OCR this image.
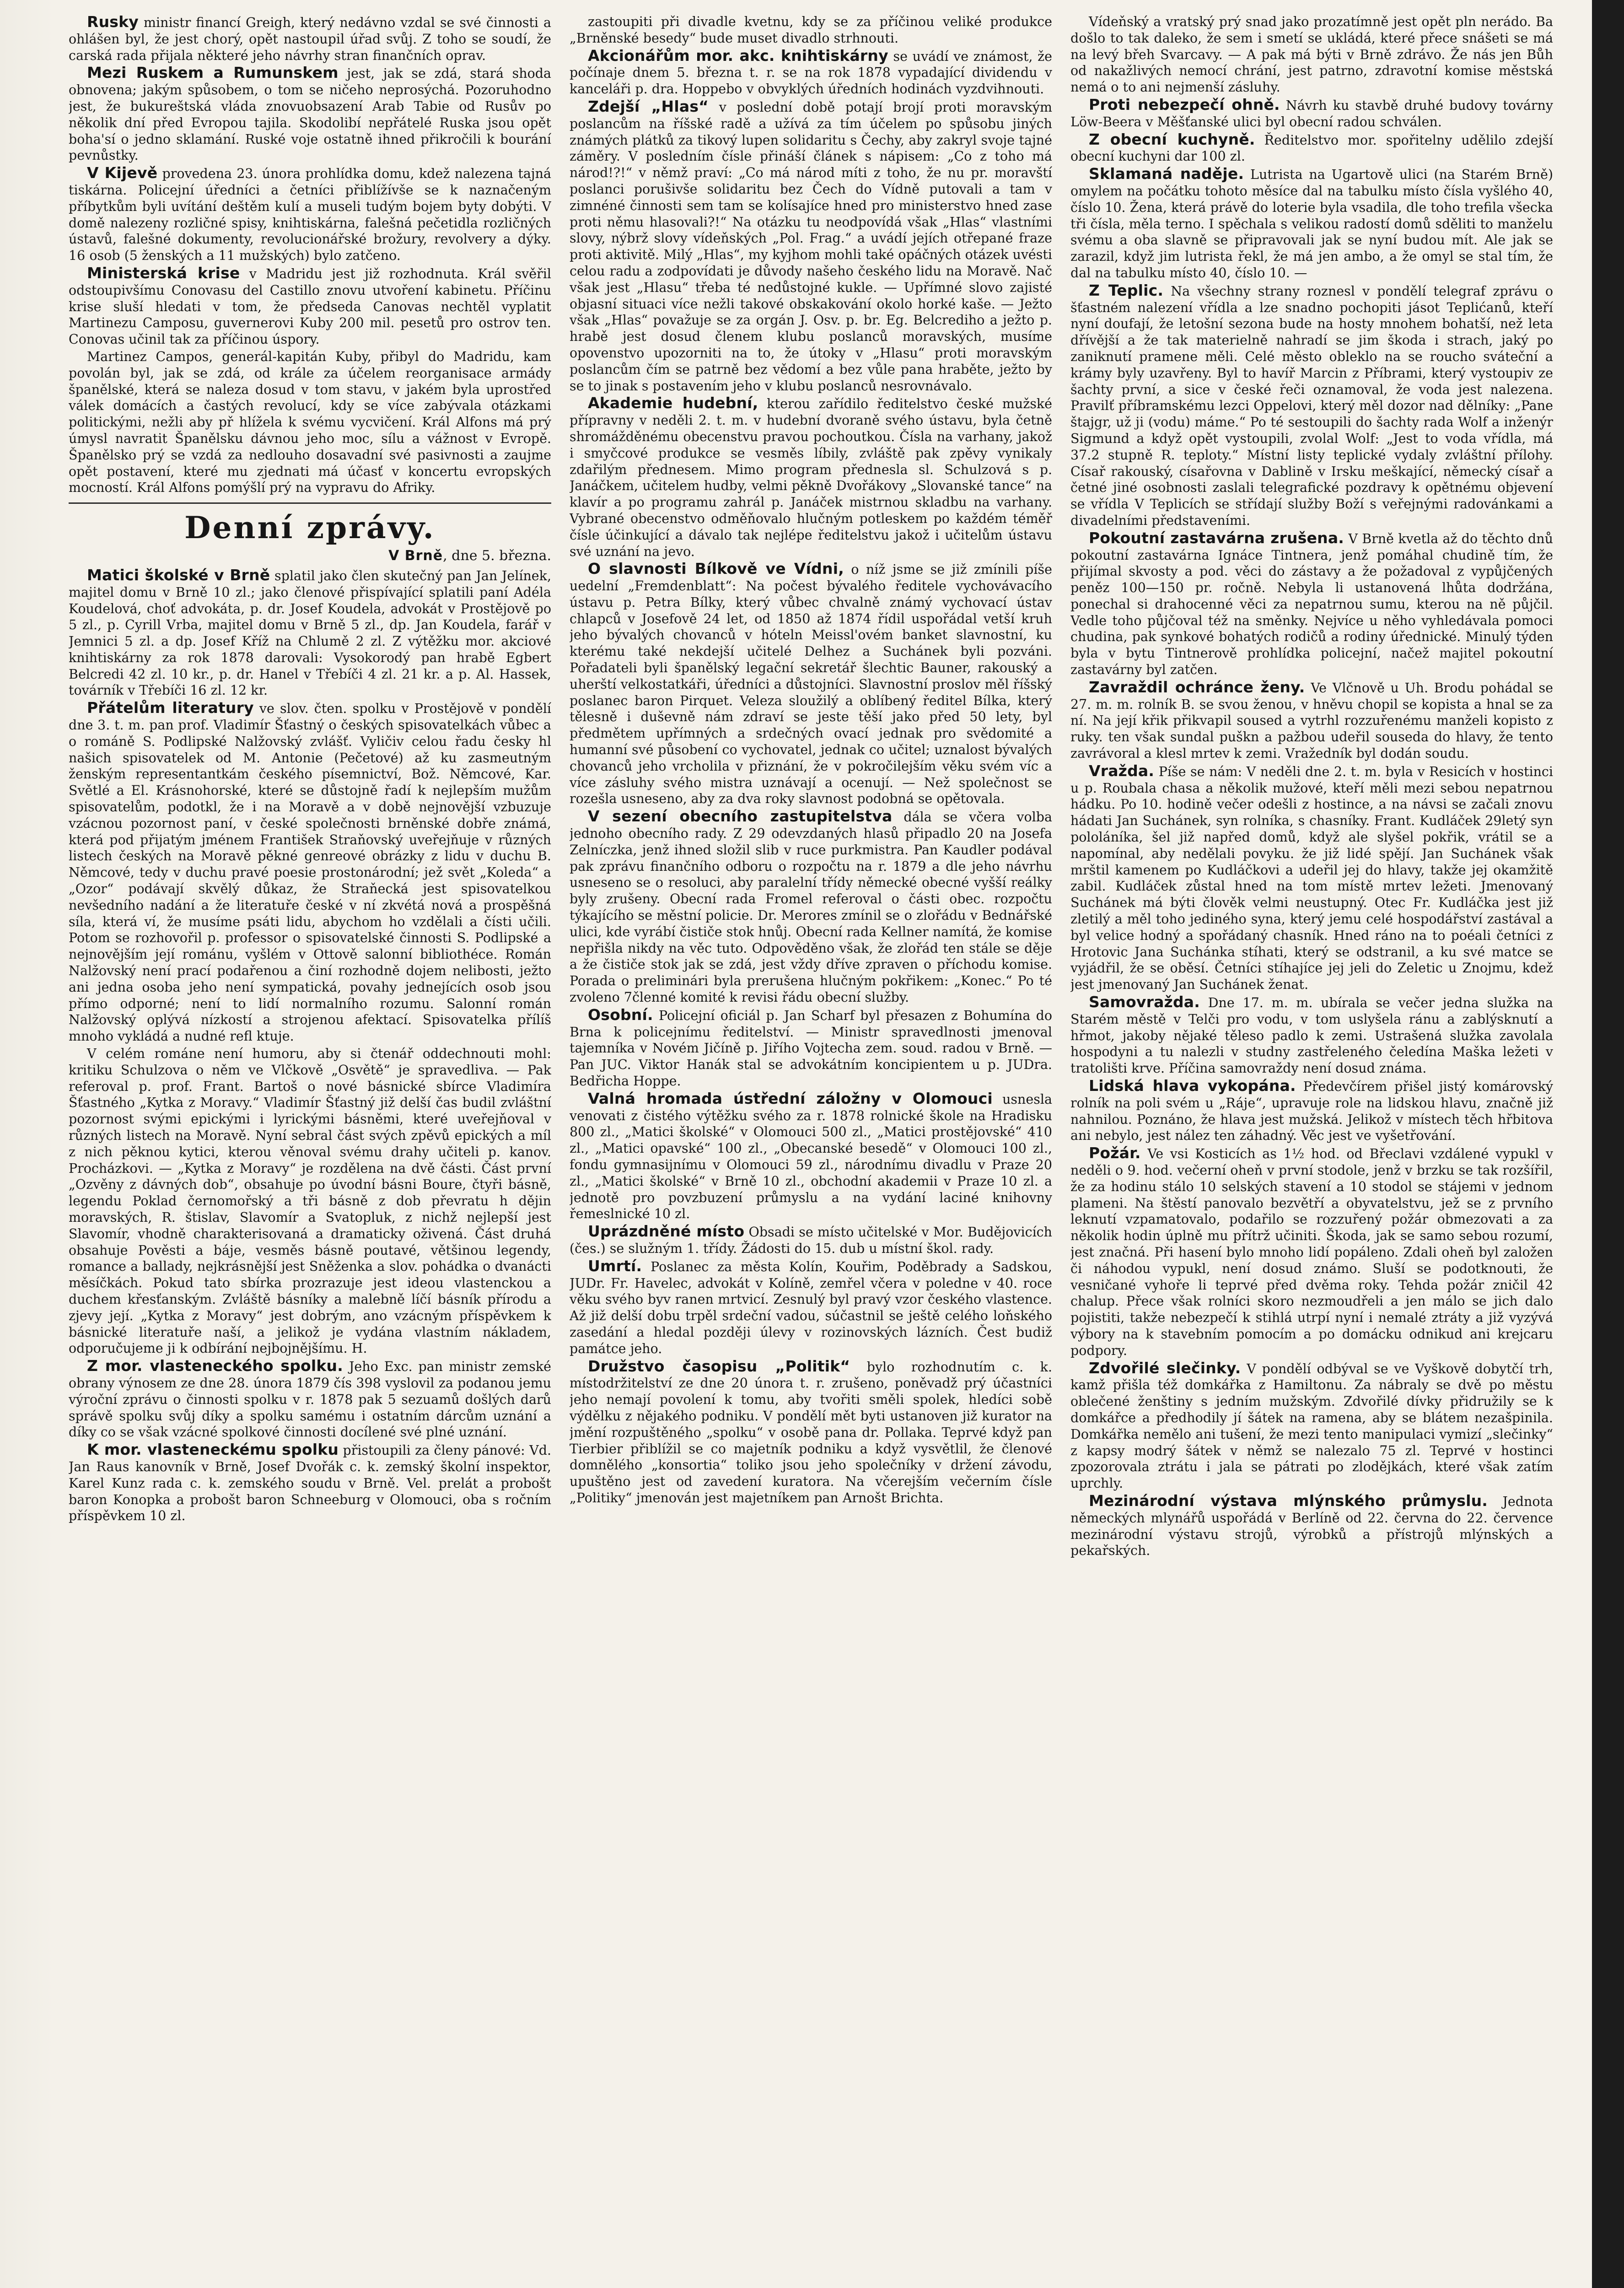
Rusky ministr financí Greigh, který nedávno vzdal se své činnosti a ohlášen byl, že jest chorý, opět nastoupil úřad svůj. Z toho se soudí, že carská rada přijala některé jeho návrhy stran finančních oprav.

Mezi Ruskem a Rumunskem jest, jak se zdá, stará shoda obnovena; jakým spůsobem, o tom se ničeho neprosýchá. Pozoruhodno jest, že bukureštská vláda znovuobsazení Arab Tabie od Rusův po několik dní před Evropou tajila. Skodolibí nepřátelé Ruska jsou opět boha'sí o jedno sklamání. Ruské voje ostatně ihned přikročili k bourání pevnůstky.

V Kijevě provedena 23. února prohlídka domu, kdež nalezena tajná tiskárna. Policejní úředníci a četníci přiblížívše se k naznačeným příbytkům byli uvítání deštěm kulí a museli tudým bojem byty dobýti. V domě nalezeny rozličné spisy, knihtiskárna, falešná pečetidla rozličných ústavů, falešné dokumenty, revolucionářské brožury, revolvery a dýky. 16 osob (5 ženských a 11 mužských) bylo zatčeno.

Ministerská krise v Madridu jest již rozhodnuta. Král svěřil odstoupivšímu Conovasu del Castillo znovu utvoření kabinetu. Příčinu krise sluší hledati v tom, že předseda Canovas nechtěl vyplatit Martinezu Camposu, guvernerovi Kuby 200 mil. pesetů pro ostrov ten. Conovas učinil tak za příčinou úspory.

Martinez Campos, generál-kapitán Kuby, přibyl do Madridu, kam povolán byl, jak se zdá, od krále za účelem reorganisace armády španělské, která se naleza dosud v tom stavu, v jakém byla uprostřed válek domácích a častých revolucí, kdy se více zabývala otázkami politickými, nežli aby př hlížela k svému vycvičení. Král Alfons má prý úmysl navratit Španělsku dávnou jeho moc, sílu a vážnost v Evropě. Španělsko prý se vzdá za nedlouho dosavadní své pasivnosti a zaujme opět postavení, které mu zjednati má účasť v koncertu evropských mocností. Král Alfons pomýšlí prý na vypravu do Afriky.

Denní zprávy.
V Brně, dne 5. března.

Matici školské v Brně splatil jako člen skutečný pan Jan Jelínek, majitel domu v Brně 10 zl.; jako členové přispívající splatili paní Adéla Koudelová, choť advokáta, p. dr. Josef Koudela, advokát v Prostějově po 5 zl., p. Cyrill Vrba, majitel domu v Brně 5 zl., dp. Jan Koudela, farář v Jemnici 5 zl. a dp. Josef Kříž na Chlumě 2 zl. Z výtěžku mor. akciové knihtiskárny za rok 1878 darovali: Vysokorodý pan hrabě Egbert Belcredi 42 zl. 10 kr., p. dr. Hanel v Třebíči 4 zl. 21 kr. a p. Al. Hassek, továrník v Třebíči 16 zl. 12 kr.

Přátelům literatury ve slov. čten. spolku v Prostějově v pondělí dne 3. t. m. pan prof. Vladimír Šťastný o českých spisovatelkách vůbec a o románě S. Podlipské Nalžovský zvlášť. Vyličiv celou řadu česky hl našich spisovatelek od M. Antonie (Pečetové) až ku zasmeutným ženským representantkám českého písemnictví, Bož. Němcové, Kar. Světlé a El. Krásnohorské, které se důstojně řadí k nejlepším mužům spisovatelům, podotkl, že i na Moravě a v době nejnovější vzbuzuje vzácnou pozornost paní, v české společnosti brněnské dobře známá, která pod přijatým jménem František Straňovský uveřejňuje v různých listech českých na Moravě pěkné genreové obrázky z lidu v duchu B. Němcové, tedy v duchu pravé poesie prostonárodní; jež svět „Koleda“ a „Ozor“ podávají skvělý důkaz, že Straňecká jest spisovatelkou nevšedního nadání a že literatuře české v ní zkvétá nová a prospěšná síla, která ví, že musíme psáti lidu, abychom ho vzdělali a čísti učili. Potom se rozhovořil p. professor o spisovatelské činnosti S. Podlipské a nejnovějším její románu, vyšlém v Ottově salonní bibliothéce. Román Nalžovský není prací podařenou a činí rozhodně dojem nelibosti, ježto ani jedna osoba jeho není sympatická, povahy jednejících osob jsou přímo odporné; není to lidí normalního rozumu. Salonní román Nalžovský oplývá nízkostí a strojenou afektací. Spisovatelka přílíš mnoho vykládá a nudné refl ktuje.

V celém románe není humoru, aby si čtenář oddechnouti mohl: kritiku Schulzova o něm ve Vlčkově „Osvětě“ je spravedliva. — Pak referoval p. prof. Frant. Bartoš o nové básnické sbírce Vladimíra Šťastného „Kytka z Moravy.“ Vladimír Šťastný již delší čas budil zvláštní pozornost svými epickými i lyrickými básněmi, které uveřejňoval v různých listech na Moravě. Nyní sebral část svých zpěvů epických a míl z nich pěknou kytici, kterou věnoval svému drahy učiteli p. kanov. Procházkovi. — „Kytka z Moravy“ je rozdělena na dvě části. Část první „Ozvěny z dávných dob“, obsahuje po úvodní básni Boure, čtyři básně, legendu Poklad černomořský a tři básně z dob převratu h dějin moravských, R. štislav, Slavomír a Svatopluk, z nichž nejlepší jest Slavomír, vhodně charakterisovaná a dramaticky oživená. Část druhá obsahuje Pověsti a báje, vesměs básně poutavé, většinou legendy, romance a ballady, nejkrásnější jest Sněženka a slov. pohádka o dvanácti měsíčkách. Pokud tato sbírka prozrazuje jest ideou vlastenckou a duchem křesťanským. Zvláště básníky a malebně líčí básník přírodu a zjevy její. „Kytka z Moravy“ jest dobrým, ano vzácným příspěvkem k básnické literatuře naší, a jelikož je vydána vlastním nákladem, odporučujeme ji k odbírání nejbojnějšímu. H.

Z mor. vlasteneckého spolku. Jeho Exc. pan ministr zemské obrany výnosem ze dne 28. února 1879 čís 398 vyslovil za podanou jemu výroční zprávu o činnosti spolku v r. 1878 pak 5 sezuamů došlých darů správě spolku svůj díky a spolku samému i ostatním dárcům uznání a díky co se však vzácné spolkové činnosti docílené své plné uznání.

K mor. vlasteneckému spolku přistoupili za členy pánové: Vd. Jan Raus kanovník v Brně, Josef Dvořák c. k. zemský školní inspektor, Karel Kunz rada c. k. zemského soudu v Brně. Vel. prelát a probošt baron Konopka a probošt baron Schneeburg v Olomouci, oba s ročním příspěvkem 10 zl.

zastoupiti při divadle kvetnu, kdy se za příčinou veliké produkce „Brněnské besedy“ bude muset divadlo strhnouti.

Akcionářům mor. akc. knihtiskárny se uvádí ve známost, že počínaje dnem 5. března t. r. se na rok 1878 vypadající dividendu v kanceláři p. dra. Hoppebo v obvyklých úředních hodinách vyzdvihnouti.

Zdejší „Hlas“ v poslední době potají brojí proti moravským poslancům na říšské radě a užívá za tím účelem po spůsobu jiných známých plátků za tikový lupen solidaritu s Čechy, aby zakryl svoje tajné záměry. V posledním čísle přináší článek s nápisem: „Co z toho má národ!?!“ v němž praví: „Co má národ míti z toho, že nu pr. moravští poslanci porušivše solidaritu bez Čech do Vídně putovali a tam v zimnéné činnosti sem tam se kolísajíce hned pro ministerstvo hned zase proti němu hlasovali?!“ Na otázku tu neodpovídá však „Hlas“ vlastními slovy, nýbrž slovy vídeňských „Pol. Frag.“ a uvádí jejích otřepané fraze proti aktivitě. Milý „Hlas“, my kyjhom mohli také opáčných otázek uvésti celou radu a zodpovídati je důvody našeho českého lidu na Moravě. Nač však jest „Hlasu“ třeba té nedůstojné kukle. — Upřímné slovo zajisté objasní situaci více nežli takové obskakování okolo horké kaše. — Ježto však „Hlas“ považuje se za orgán J. Osv. p. br. Eg. Belcrediho a ježto p. hrabě jest dosud členem klubu poslanců moravských, musíme opovenstvo upozorniti na to, že útoky v „Hlasu“ proti moravským poslancům čím se patrně bez vědomí a bez vůle pana hraběte, ježto by se to jinak s postavením jeho v klubu poslanců nesrovnávalo.

Akademie hudební, kterou zařídilo ředitelstvo české mužské přípravny v neděli 2. t. m. v hudební dvoraně svého ústavu, byla četně shromážděnému obecenstvu pravou pochoutkou. Čísla na varhany, jakož i smyčcové produkce se vesměs líbily, zvláště pak zpěvy vynikaly zdařilým přednesem. Mimo program přednesla sl. Schulzová s p. Janáčkem, učitelem hudby, velmi pěkně Dvořákovy „Slovanské tance“ na klavír a po programu zahrál p. Janáček mistrnou skladbu na varhany. Vybrané obecenstvo odměňovalo hlučným potleskem po každém téměř čísle účinkující a dávalo tak nejlépe ředitelstvu jakož i učitelům ústavu své uznání na jevo.

O slavnosti Bílkově ve Vídni, o níž jsme se již zmínili píše uedelní „Fremdenblatt“: Na počest bývalého ředitele vychovávacího ústavu p. Petra Bílky, který vůbec chvalně známý vychovací ústav chlapců v Josefově 24 let, od 1850 až 1874 řídil uspořádal vetší kruh jeho bývalých chovanců v hóteln Meissl'ovém banket slavnostní, ku kterému také nekdejší učitelé Delhez a Suchánek byli pozváni. Pořadateli byli španělský legační sekretář šlechtic Bauner, rakouský a uherští velkostatkáři, úředníci a důstojníci. Slavnostní proslov měl říšský poslanec baron Pirquet. Veleza sloužilý a oblíbený ředitel Bílka, který tělesně i duševně nám zdraví se jeste těší jako před 50 lety, byl předmětem upřímných a srdečných ovací jednak pro svědomité a humanní své působení co vychovatel, jednak co učitel; uznalost bývalých chovanců jeho vrcholila v přiznání, že v pokročilejším věku svém víc a více zásluhy svého mistra uznávají a ocenují. — Než společnost se rozešla usneseno, aby za dva roky slavnost podobná se opětovala.

V sezení obecního zastupitelstva dála se včera volba jednoho obecního rady. Z 29 odevzdaných hlasů připadlo 20 na Josefa Zelníczka, jenž ihned složil slib v ruce purkmistra. Pan Kaudler podával pak zprávu finančního odboru o rozpočtu na r. 1879 a dle jeho návrhu usneseno se o resoluci, aby paralelní třídy německé obecné vyšší reálky byly zrušeny. Obecní rada Fromel referoval o části obec. rozpočtu týkajícího se městní policie. Dr. Merores zmínil se o zlořádu v Bednářské ulici, kde vyrábí čističe stok hnůj. Obecní rada Kellner namítá, že komise nepřišla nikdy na věc tuto. Odpověděno však, že zlořád ten stále se děje a že čističe stok jak se zdá, jest vždy dříve zpraven o příchodu komise. Porada o preliminári byla prerušena hlučným pokřikem: „Konec.“ Po té zvoleno 7členné komité k revisi řádu obecní služby.

Osobní. Policejní oficiál p. Jan Scharf byl přesazen z Bohumína do Brna k policejnímu ředitelství. — Ministr spravedlnosti jmenoval tajemníka v Novém Jičíně p. Jiřího Vojtecha zem. soud. radou v Brně. — Pan JUC. Viktor Hanák stal se advokátním koncipientem u p. JUDra. Bedřicha Hoppe.

Valná hromada ústřední záložny v Olomouci usnesla venovati z čistého výtěžku svého za r. 1878 rolnické škole na Hradisku 800 zl., „Matici školské“ v Olomouci 500 zl., „Matici prostějovské“ 410 zl., „Matici opavské“ 100 zl., „Obecanské besedě“ v Olomouci 100 zl., fondu gymnasijnímu v Olomouci 59 zl., národnímu divadlu v Praze 20 zl., „Matici školské“ v Brně 10 zl., obchodní akademii v Praze 10 zl. a jednotě pro povzbuzení průmyslu a na vydání laciné knihovny řemeslnické 10 zl.

Uprázdněné místo Obsadi se místo učitelské v Mor. Budějovicích (čes.) se služným 1. třídy. Žádosti do 15. dub u místní škol. rady.

Umrtí. Poslanec za města Kolín, Kouřim, Poděbrady a Sadskou, JUDr. Fr. Havelec, advokát v Kolíně, zemřel včera v poledne v 40. roce věku svého byv ranen mrtvicí. Zesnulý byl pravý vzor českého vlastence. Až již delší dobu trpěl srdeční vadou, súčastnil se ještě celého loňského zasedání a hledal později úlevy v rozinovských lázních. Čest budiž památce jeho.

Družstvo časopisu „Politik“ bylo rozhodnutím c. k. místodržitelství ze dne 20 února t. r. zrušeno, poněvadž prý účastníci jeho nemají povolení k tomu, aby tvořiti směli spolek, hledíci sobě výdělku z nějakého podniku. V pondělí mět byti ustanoven již kurator na jmění rozpuštěného „spolku“ v osobě pana dr. Pollaka. Teprvé když pan Tierbier přiblížil se co majetník podniku a když vysvětlil, že členové domnělého „konsortia“ toliko jsou jeho společníky v držení závodu, upuštěno jest od zavedení kuratora. Na včerejším večerním čísle „Politiky“ jmenován jest majetníkem pan Arnošt Brichta.

Vídeňský a vratský prý snad jako prozatímně jest opět pln nerádo. Ba došlo to tak daleko, že sem i smetí se ukládá, které přece snášeti se má na levý břeh Svarcavy. — A pak má býti v Brně zdrávo. Že nás jen Bůh od nakažlivých nemocí chrání, jest patrno, zdravotní komise městská nemá o to ani nejmenší zásluhy.

Proti nebezpečí ohně. Návrh ku stavbě druhé budovy továrny Löw-Beera v Měšťanské ulici byl obecní radou schválen.

Z obecní kuchyně. Ředitelstvo mor. spořitelny udělilo zdejší obecní kuchyni dar 100 zl.

Sklamaná naděje. Lutrista na Ugartově ulici (na Starém Brně) omylem na počátku tohoto měsíce dal na tabulku místo čísla vyšlého 40, číslo 10. Žena, která právě do loterie byla vsadila, dle toho trefila všecka tři čísla, měla terno. I spěchala s velikou radostí domů sděliti to manželu svému a oba slavně se připravovali jak se nyní budou mít. Ale jak se zarazil, když jim lutrista řekl, že má jen ambo, a že omyl se stal tím, že dal na tabulku místo 40, číslo 10. —

Z Teplic. Na všechny strany roznesl v pondělí telegraf zprávu o šťastném nalezení vřídla a lze snadno pochopiti jásot Teplićanů, kteří nyní doufají, že letošní sezona bude na hosty mnohem bohatší, než leta dřívější a že tak materielně nahradí se jim škoda i strach, jaký po zaniknutí pramene měli. Celé město obleklo na se roucho sváteční a krámy byly uzavřeny. Byl to havíř Marcin z Příbrami, který vystoupiv ze šachty první, a sice v české řeči oznamoval, že voda jest nalezena. Pravilť příbramskému lezci Oppelovi, který měl dozor nad dělníky: „Pane štajgr, už ji (vodu) máme.“ Po té sestoupili do šachty rada Wolf a inženýr Sigmund a když opět vystoupili, zvolal Wolf: „Jest to voda vřídla, má 37.2 stupně R. teploty.“ Místní listy teplické vydaly zvláštní přílohy. Císař rakouský, císařovna v Dablině v Irsku meškající, německý císař a četné jiné osobnosti zaslali telegrafické pozdravy k opětnému objevení se vřídla V Teplicích se střídají služby Boží s veřejnými radovánkami a divadelními představeními.

Pokoutní zastavárna zrušena. V Brně kvetla až do těchto dnů pokoutní zastavárna Ignáce Tintnera, jenž pomáhal chudině tím, že přijímal skvosty a pod. věci do zástavy a že požadoval z vypůjčených peněz 100—150 pr. ročně. Nebyla li ustanovená lhůta dodržána, ponechal si drahocenné věci za nepatrnou sumu, kterou na ně půjčil. Vedle toho půjčoval též na směnky. Nejvíce u něho vyhledávala pomoci chudina, pak synkové bohatých rodičů a rodiny úřednické. Minulý týden byla v bytu Tintnerově prohlídka policejní, načež majitel pokoutní zastavárny byl zatčen.

Zavraždil ochránce ženy. Ve Vlčnově u Uh. Brodu pohádal se 27. m. m. rolník B. se svou ženou, v hněvu chopil se kopista a hnal se za ní. Na její křik přikvapil soused a vytrhl rozzuřenému manželi kopisto z ruky. ten však sundal puškn a pažbou udeřil souseda do hlavy, že tento zavrávoral a klesl mrtev k zemi. Vražedník byl dodán soudu.

Vražda. Píše se nám: V neděli dne 2. t. m. byla v Resicích v hostinci u p. Roubala chasa a několik mužové, kteří měli mezi sebou nepatrnou hádku. Po 10. hodině večer odešli z hostince, a na návsi se začali znovu hádati Jan Suchánek, syn rolníka, s chasníky. Frant. Kudláček 29letý syn pololáníka, šel již napřed domů, když ale slyšel pokřik, vrátil se a napomínal, aby nedělali povyku. že již lidé spějí. Jan Suchánek však mrštil kamenem po Kudláčkovi a udeřil jej do hlavy, takže jej okamžitě zabil. Kudláček zůstal hned na tom místě mrtev ležeti. Jmenovaný Suchánek má býti člověk velmi neustupný. Otec Fr. Kudláčka jest již zletilý a měl toho jediného syna, který jemu celé hospodářství zastával a byl velice hodný a spořádaný chasník. Hned ráno na to poéali četníci z Hrotovic Jana Suchánka stíhati, který se odstranil, a ku své matce se vyjádřil, že se oběsí. Četníci stíhajíce jej jeli do Zeletic u Znojmu, kdež jest jmenovaný Jan Suchánek ženat.

Samovražda. Dne 17. m. m. ubírala se večer jedna služka na Starém městě v Telči pro vodu, v tom uslyšela ránu a zablýsknutí a hřmot, jakoby nějaké těleso padlo k zemi. Ustrašená služka zavolala hospodyni a tu nalezli v studny zastřeleného čeledína Maška ležeti v tratolišti krve. Příčina samovraždy není dosud známa.

Lidská hlava vykopána. Předevčírem přišel jistý komárovský rolník na poli svém u „Ráje“, upravuje role na lidskou hlavu, značně již nahnilou. Poznáno, že hlava jest mužská. Jelikož v místech těch hřbitova ani nebylo, jest nález ten záhadný. Věc jest ve vyšetřování.

Požár. Ve vsi Kosticích as 1½ hod. od Břeclavi vzdálené vypukl v neděli o 9. hod. večerní oheň v první stodole, jenž v brzku se tak rozšířil, že za hodinu stálo 10 selských stavení a 10 stodol se stájemi v jednom plameni. Na štěstí panovalo bezvětří a obyvatelstvu, jež se z prvního leknutí vzpamatovalo, podařilo se rozzuřený požár obmezovati a za několik hodin úplně mu přítrž učiniti. Škoda, jak se samo sebou rozumí, jest značná. Při hasení bylo mnoho lidí popáleno. Zdali oheň byl založen či náhodou vypukl, není dosud známo. Sluší se podotknouti, že vesničané vyhoře li teprvé před dvěma roky. Tehda požár zničil 42 chalup. Přece však rolníci skoro nezmoudřeli a jen málo se jich dalo pojistiti, takže nebezpečí k stihlá utrpí nyní i nemalé ztráty a již vyzývá výbory na k stavebním pomocím a po domácku odnikud ani krejcaru podpory.

Zdvořilé slečinky. V pondělí odbýval se ve Vyškově dobytčí trh, kamž přišla též domkářka z Hamiltonu. Za nábraly se dvě po městu oblečené ženštiny s jedním mužským. Zdvořilé dívky přidružily se k domkářce a předhodily jí šátek na ramena, aby se blátem nezašpinila. Domkářka nemělo ani tušení, že mezi tento manipulaci vymizí „slečinky“ z kapsy modrý šátek v němž se nalezalo 75 zl. Teprvé v hostinci zpozorovala ztrátu i jala se pátrati po zlodějkách, které však zatím uprchly.

Mezinárodní výstava mlýnského průmyslu. Jednota německých mlynářů uspořádá v Berlíně od 22. června do 22. července mezinárodní výstavu strojů, výrobků a přístrojů mlýnských a pekařských.
